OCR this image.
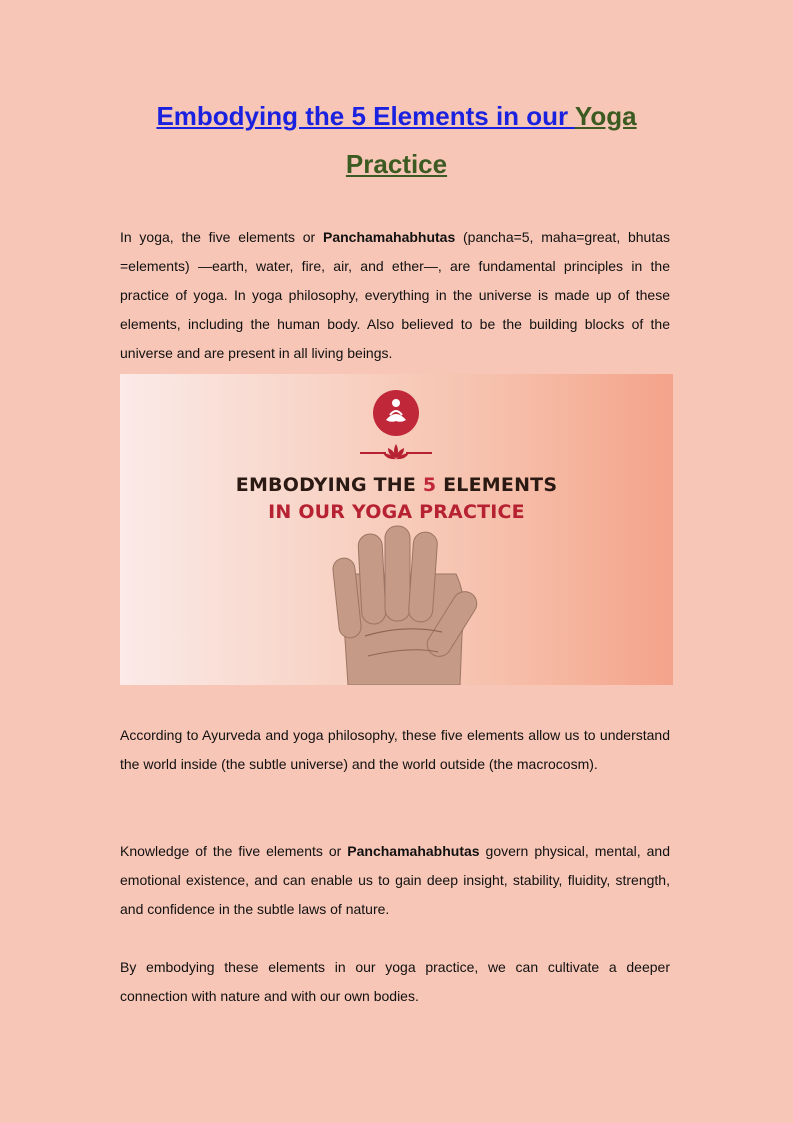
Embodying the 5 Elements in our Yoga
Practice

In yoga, the five elements or Panchamahabhutas (pancha=5, maha=great, bhutas =elements) —earth, water, fire, air, and ether—, are fundamental principles in the practice of yoga. In yoga philosophy, everything in the universe is made up of these elements, including the human body. Also believed to be the building blocks of the universe and are present in all living beings.

EMBODYING THE 5 ELEMENTS

IN OUR YOGA PRACTICE

According to Ayurveda and yoga philosophy, these five elements allow us to understand the world inside (the subtle universe) and the world outside (the macrocosm).

Knowledge of the five elements or Panchamahabhutas govern physical, mental, and emotional existence, and can enable us to gain deep insight, stability, fluidity, strength, and confidence in the subtle laws of nature.

By embodying these elements in our yoga practice, we can cultivate a deeper connection with nature and with our own bodies.
